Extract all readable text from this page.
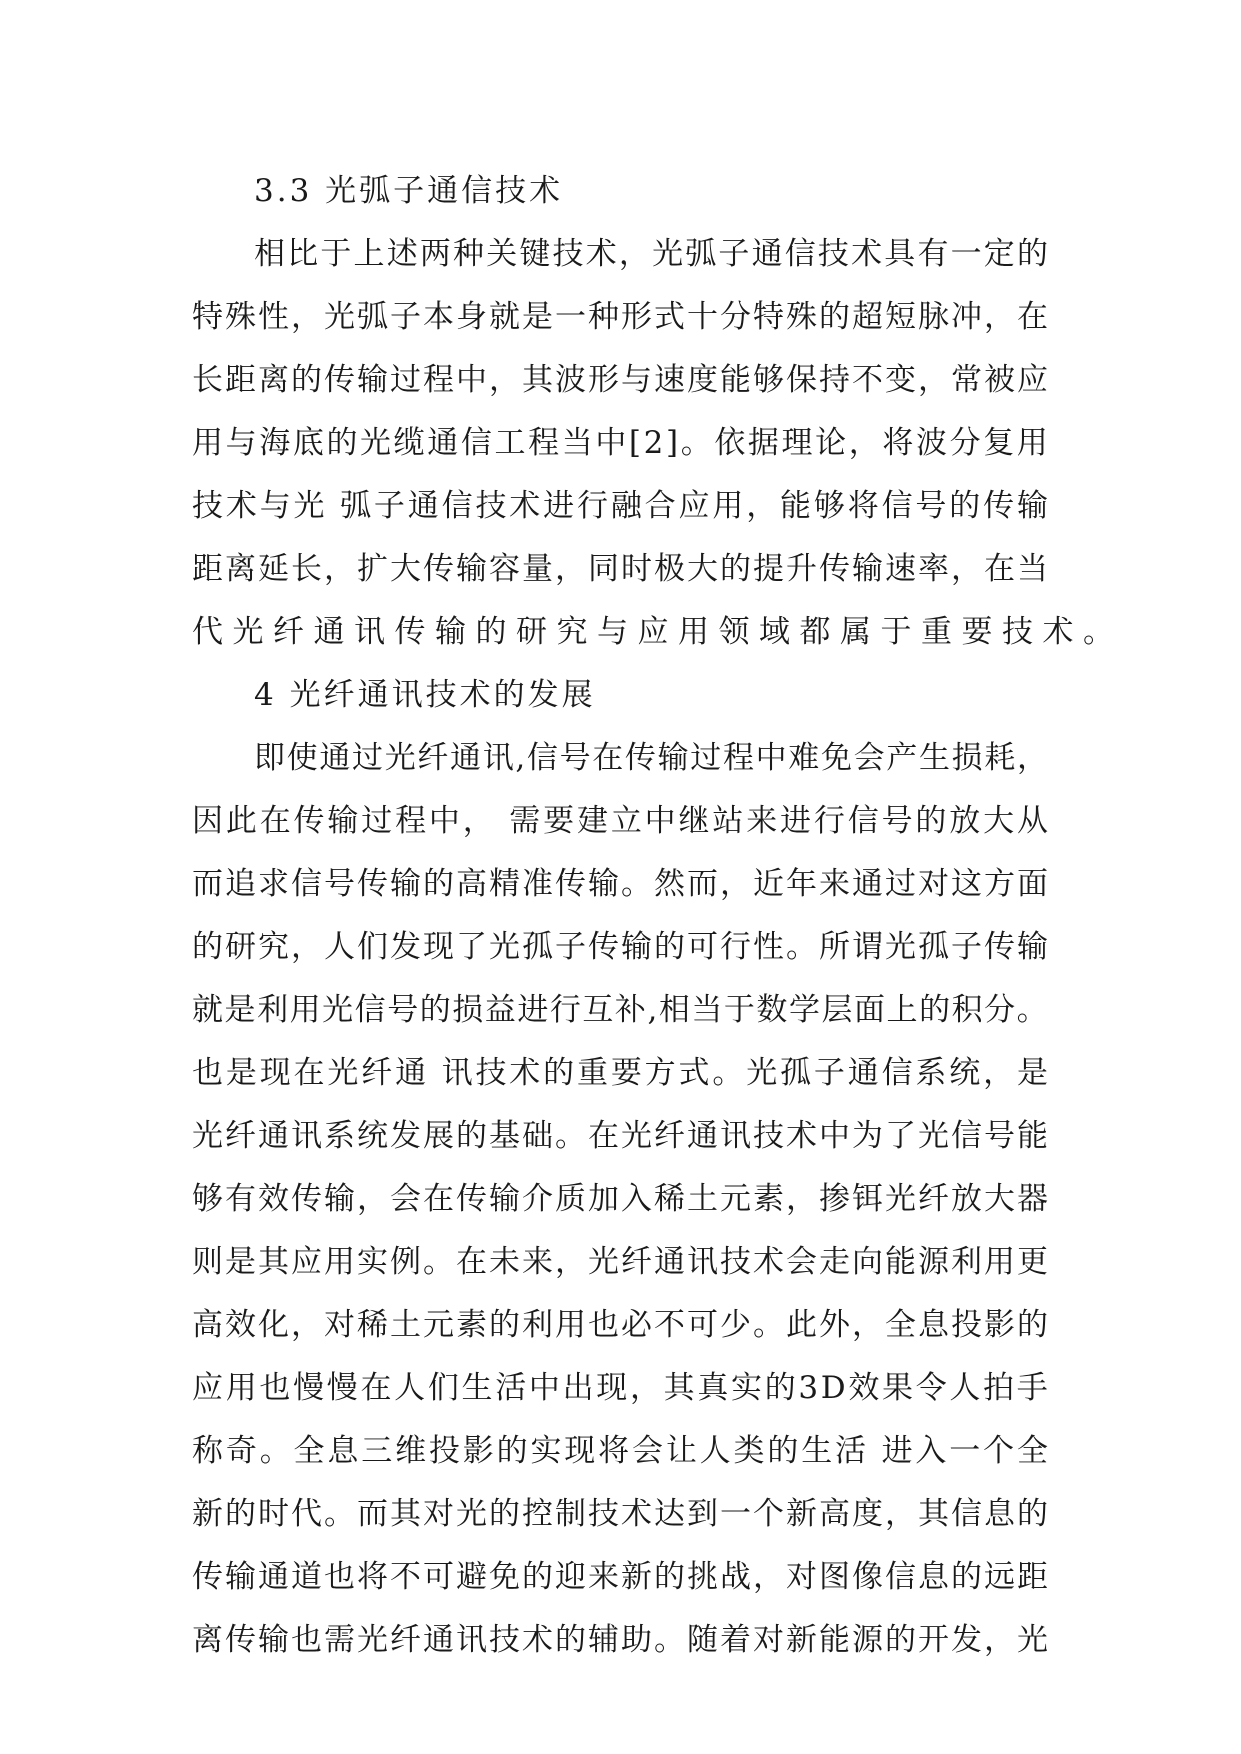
3.3 光弧子通信技术
相 比 于 上 述 两 种 关 键 技 术 ， 光 弧 子 通 信 技 术 具 有 一 定 的
特 殊 性 ， 光 弧 子 本 身 就 是 一 种 形 式 十 分 特 殊 的 超 短 脉 冲 ， 在
长 距 离 的 传 输 过 程 中 ， 其 波 形 与 速 度 能 够 保 持 不 变 ， 常 被 应
用 与 海 底 的 光 缆 通 信 工 程 当 中 [ 2 ] 。 依 据 理 论 ， 将 波 分 复 用
技 术 与 光
弧 子 通 信 技 术 进 行 融 合 应 用 ， 能 够 将 信 号 的 传 输
距 离 延 长 ， 扩 大 传 输 容 量 ， 同 时 极 大 的 提 升 传 输 速 率 ， 在 当
代光纤通讯传输的研究与应用领域都属于重要技术。
4 光纤通讯技术的发展
即 使 通 过 光 纤 通 讯 , 信 号 在 传 输 过 程 中 难 免 会 产 生 损 耗 ，
因 此 在 传 输 过 程 中 ，
需 要 建 立 中 继 站 来 进 行 信 号 的 放 大 从
而 追 求 信 号 传 输 的 高 精 准 传 输 。 然 而 ， 近 年 来 通 过 对 这 方 面
的 研 究 ， 人 们 发 现 了 光 孤 子 传 输 的 可 行 性 。 所 谓 光 孤 子 传 输
就 是 利 用 光 信 号 的 损 益 进 行 互 补 , 相 当 于 数 学 层 面 上 的 积 分 。
也 是 现 在 光 纤 通
讯 技 术 的 重 要 方 式 。 光 孤 子 通 信 系 统 ， 是
光 纤 通 讯 系 统 发 展 的 基 础 。 在 光 纤 通 讯 技 术 中 为 了 光 信 号 能
够 有 效 传 输 ， 会 在 传 输 介 质 加 入 稀 土 元 素 ， 掺 铒 光 纤 放 大 器
则 是 其 应 用 实 例 。 在 未 来 ， 光 纤 通 讯 技 术 会 走 向 能 源 利 用 更
高 效 化 ， 对 稀 土 元 素 的 利 用 也 必 不 可 少 。 此 外 ， 全 息 投 影 的
应 用 也 慢 慢 在 人 们 生 活 中 出 现 ， 其 真 实 的 3 D 效 果 令 人 拍 手
称 奇 。 全 息 三 维 投 影 的 实 现 将 会 让 人 类 的 生 活
进 入 一 个 全
新 的 时 代 。 而 其 对 光 的 控 制 技 术 达 到 一 个 新 高 度 ， 其 信 息 的
传 输 通 道 也 将 不 可 避 免 的 迎 来 新 的 挑 战 ， 对 图 像 信 息 的 远 距
离 传 输 也 需 光 纤 通 讯 技 术 的 辅 助 。 随 着 对 新 能 源 的 开 发 ， 光
